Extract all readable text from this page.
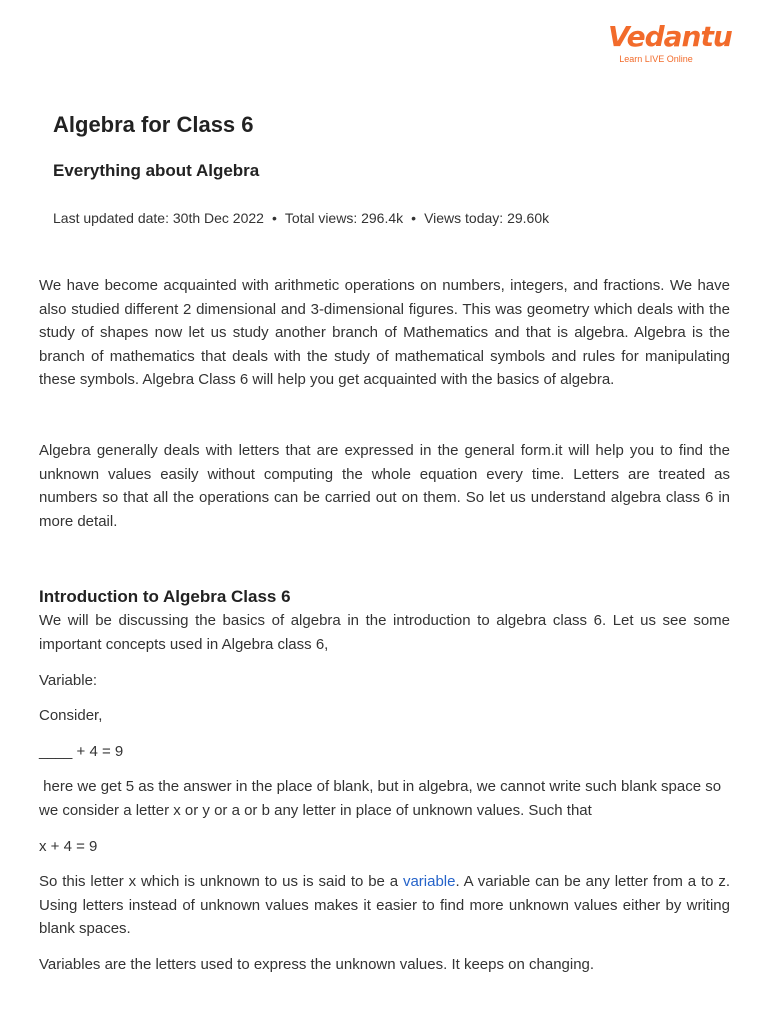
Vedantu
Learn LIVE Online
Algebra for Class 6
Everything about Algebra
Last updated date: 30th Dec 2022 • Total views: 296.4k • Views today: 29.60k

We have become acquainted with arithmetic operations on numbers, integers, and fractions. We have also studied different 2 dimensional and 3-dimensional figures. This was geometry which deals with the study of shapes now let us study another branch of Mathematics and that is algebra. Algebra is the branch of mathematics that deals with the study of mathematical symbols and rules for manipulating these symbols. Algebra Class 6 will help you get acquainted with the basics of algebra.

Algebra generally deals with letters that are expressed in the general form.it will help you to find the unknown values easily without computing the whole equation every time. Letters are treated as numbers so that all the operations can be carried out on them. So let us understand algebra class 6 in more detail.

Introduction to Algebra Class 6

We will be discussing the basics of algebra in the introduction to algebra class 6. Let us see some important concepts used in Algebra class 6,

Variable:

Consider,

____ + 4 = 9

here we get 5 as the answer in the place of blank, but in algebra, we cannot write such blank space so we consider a letter x or y or a or b any letter in place of unknown values. Such that

x + 4 = 9

So this letter x which is unknown to us is said to be a variable. A variable can be any letter from a to z. Using letters instead of unknown values makes it easier to find more unknown values either by writing blank spaces.

Variables are the letters used to express the unknown values. It keeps on changing.
